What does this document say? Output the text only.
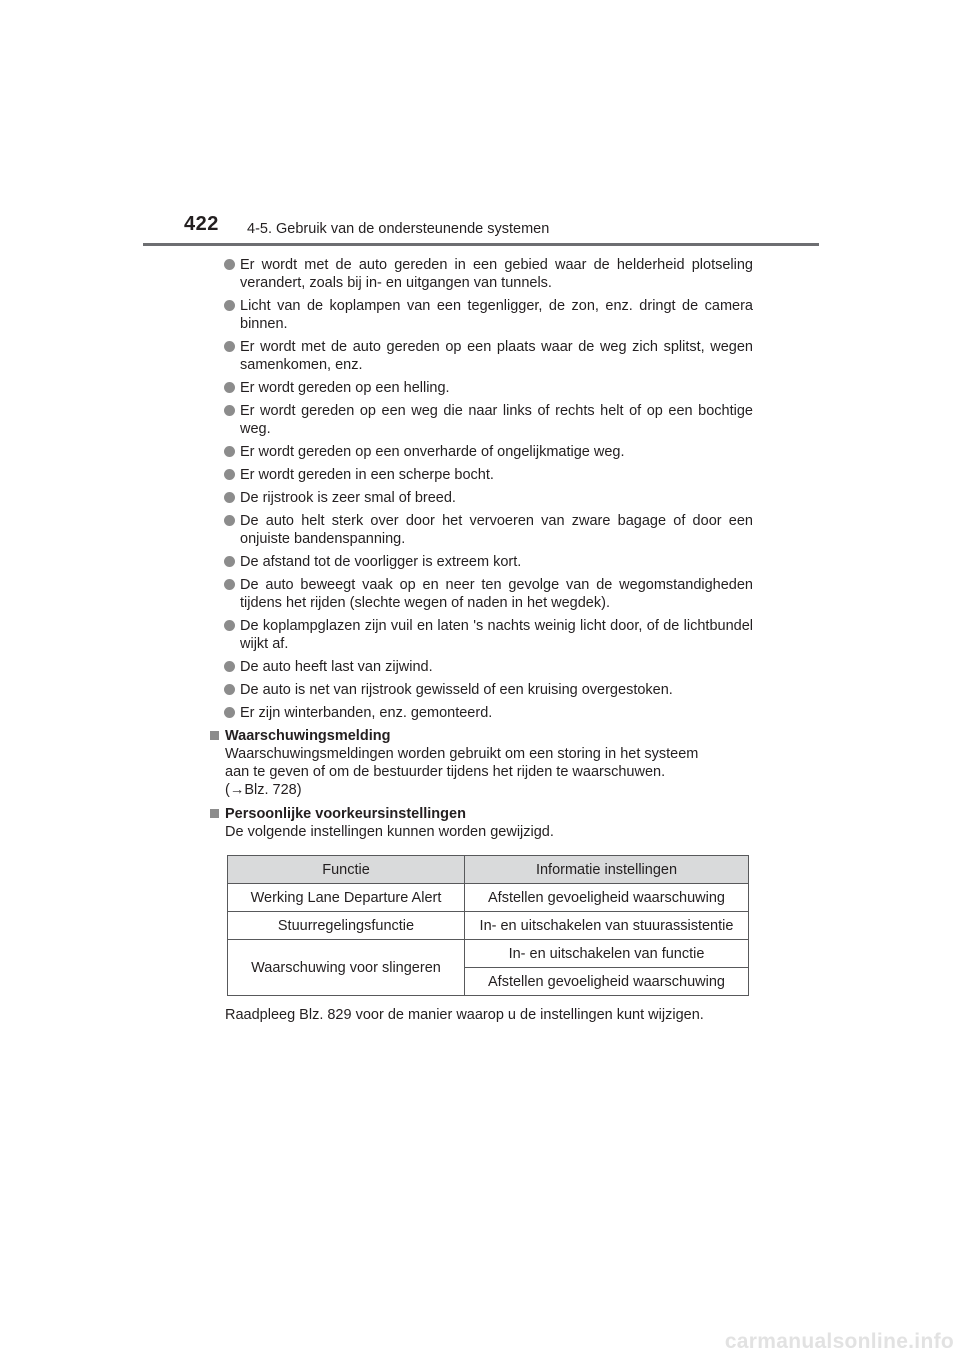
422 4-5. Gebruik van de ondersteunende systemen
Er wordt met de auto gereden in een gebied waar de helderheid plotseling verandert, zoals bij in- en uitgangen van tunnels.
Licht van de koplampen van een tegenligger, de zon, enz. dringt de camera binnen.
Er wordt met de auto gereden op een plaats waar de weg zich splitst, wegen samenkomen, enz.
Er wordt gereden op een helling.
Er wordt gereden op een weg die naar links of rechts helt of op een bochtige weg.
Er wordt gereden op een onverharde of ongelijkmatige weg.
Er wordt gereden in een scherpe bocht.
De rijstrook is zeer smal of breed.
De auto helt sterk over door het vervoeren van zware bagage of door een onjuiste bandenspanning.
De afstand tot de voorligger is extreem kort.
De auto beweegt vaak op en neer ten gevolge van de wegomstandigheden tijdens het rijden (slechte wegen of naden in het wegdek).
De koplampglazen zijn vuil en laten 's nachts weinig licht door, of de lichtbundel wijkt af.
De auto heeft last van zijwind.
De auto is net van rijstrook gewisseld of een kruising overgestoken.
Er zijn winterbanden, enz. gemonteerd.
Waarschuwingsmelding
Waarschuwingsmeldingen worden gebruikt om een storing in het systeem
aan te geven of om de bestuurder tijdens het rijden te waarschuwen.
(→Blz. 728)
Persoonlijke voorkeursinstellingen
De volgende instellingen kunnen worden gewijzigd.
Functie	Informatie instellingen
Werking Lane Departure Alert	Afstellen gevoeligheid waarschuwing
Stuurregelingsfunctie	In- en uitschakelen van stuurassistentie
Waarschuwing voor slingeren	In- en uitschakelen van functie
	Afstellen gevoeligheid waarschuwing
Raadpleeg Blz. 829 voor de manier waarop u de instellingen kunt wijzigen.
carmanualsonline.info
